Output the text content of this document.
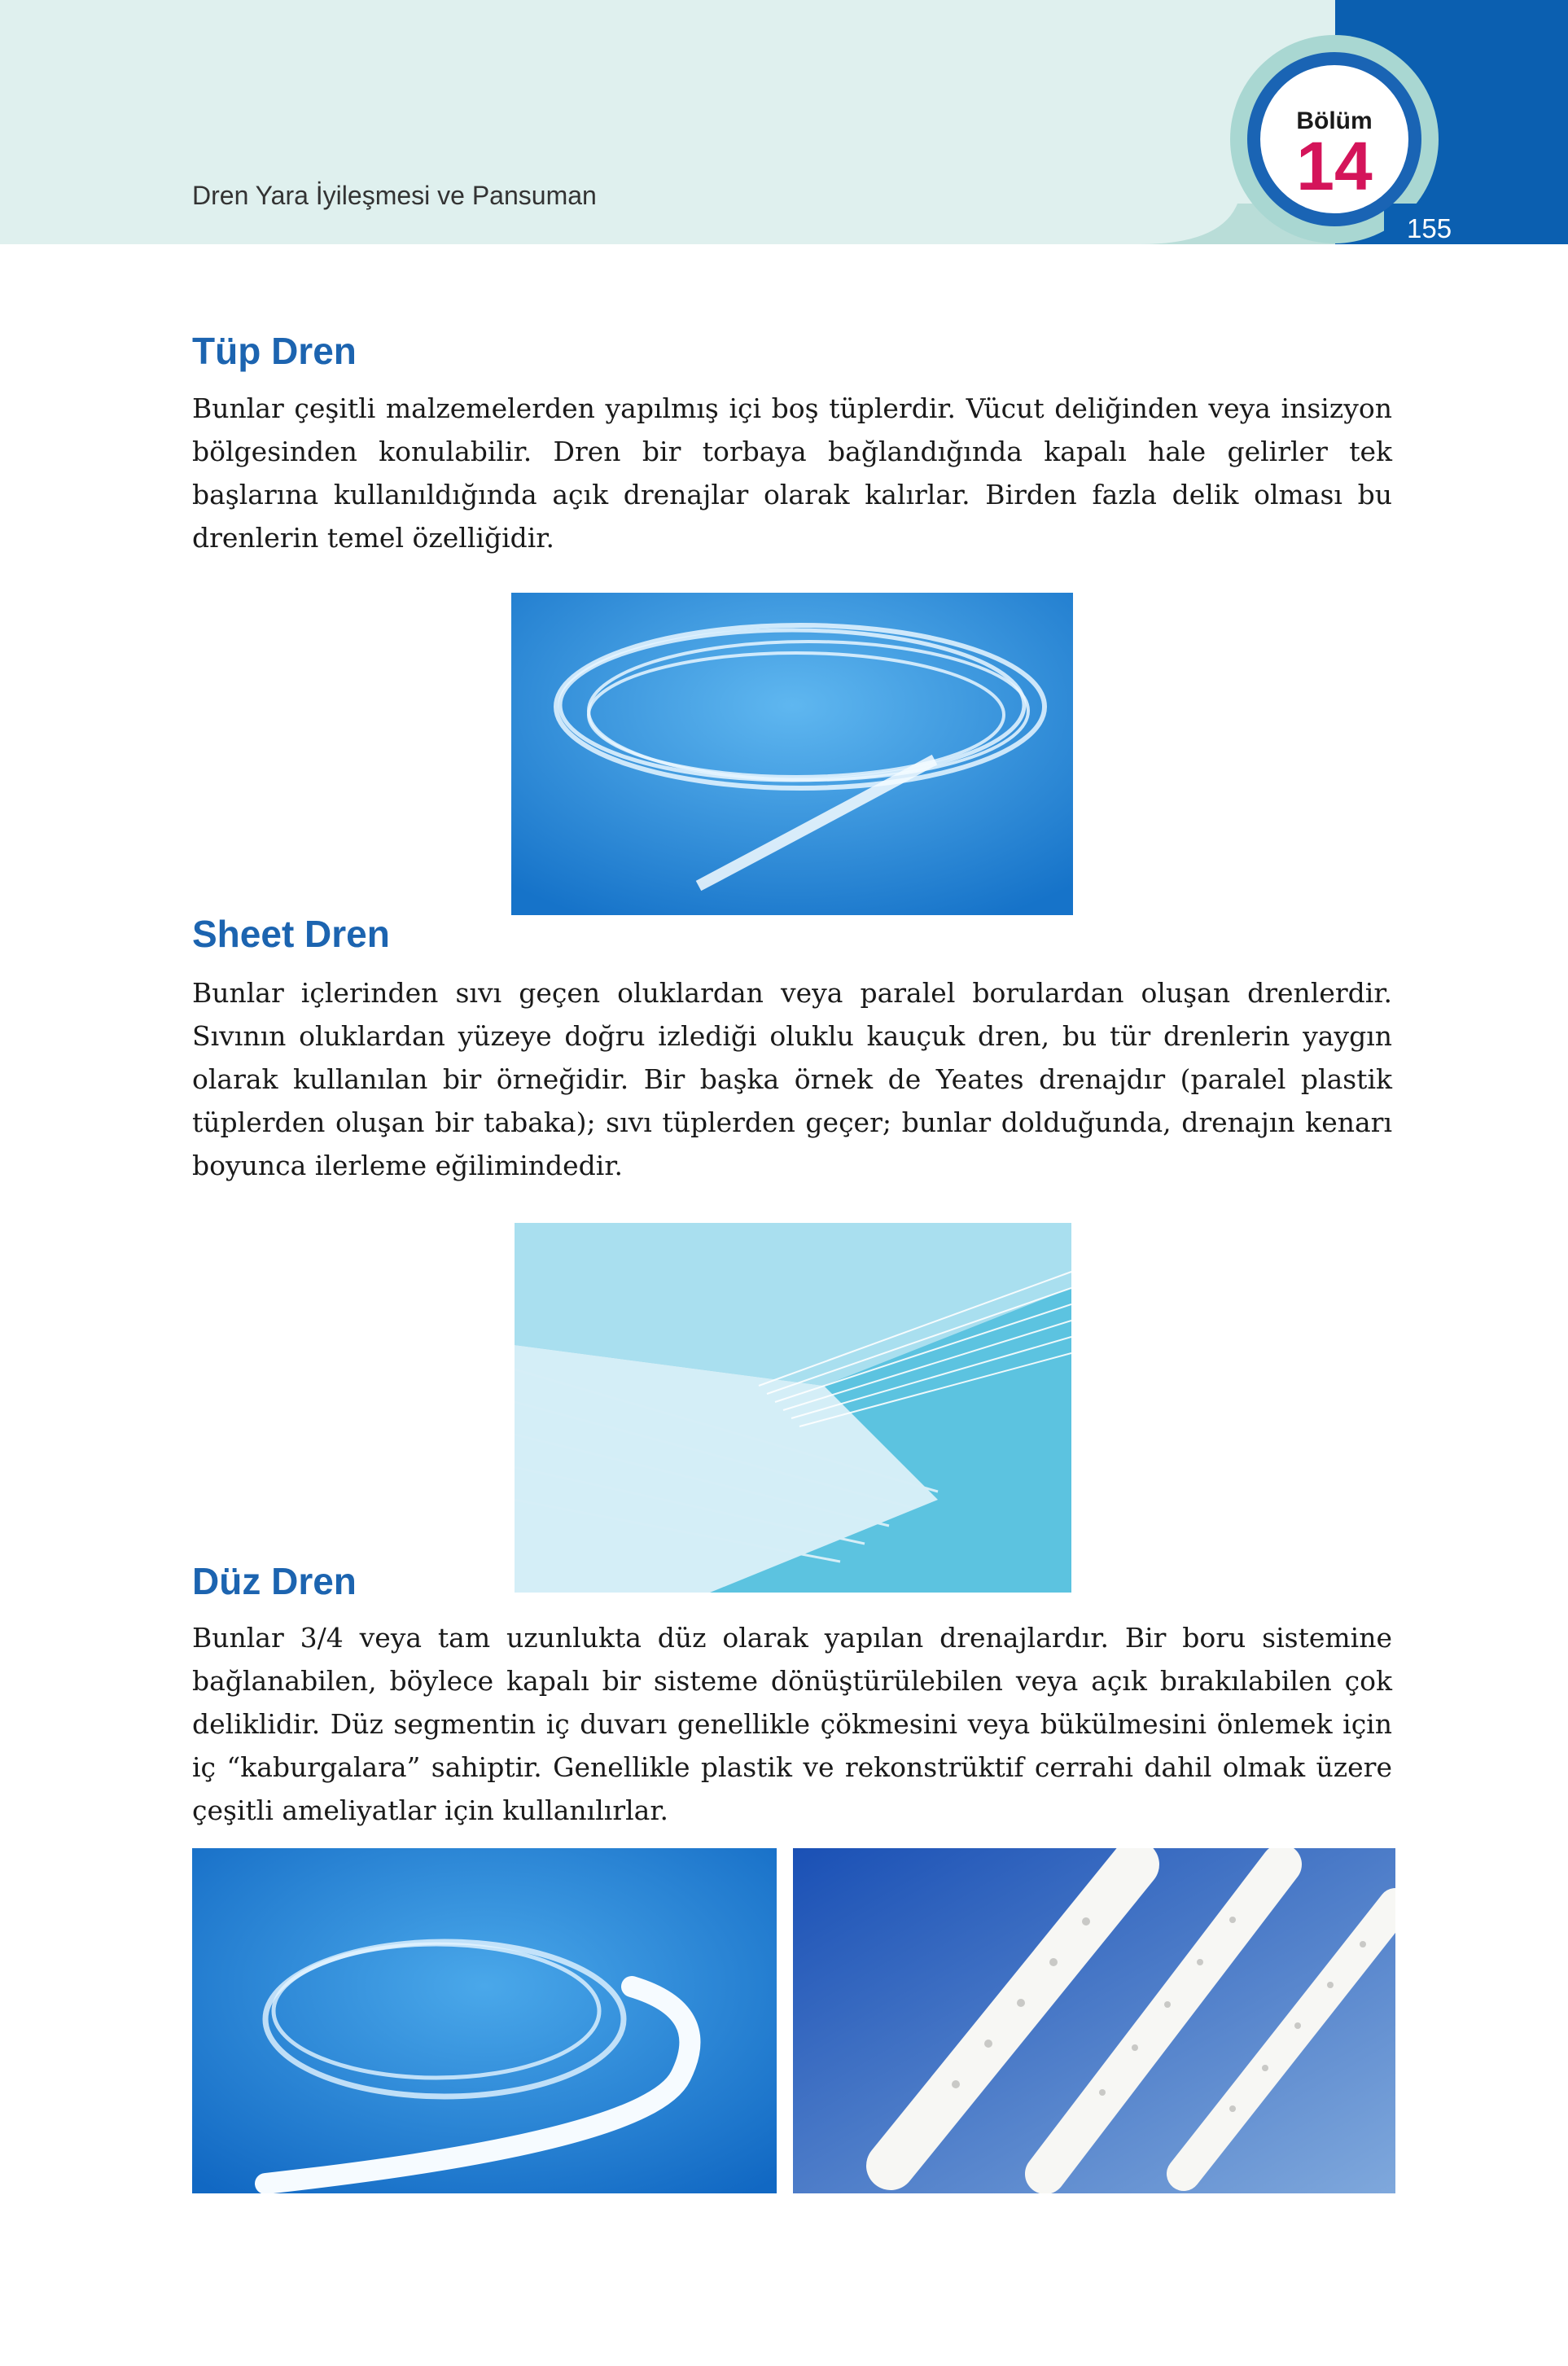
Dren Yara İyileşmesi ve Pansuman
155
Bölüm
14
Tüp Dren

Bunlar çeşitli malzemelerden yapılmış içi boş tüplerdir. Vücut deliğinden veya insizyon bölgesinden konulabilir. Dren bir torbaya bağlandığında kapalı hale gelirler tek başlarına kullanıldığında açık drenajlar olarak kalırlar. Birden fazla delik olması bu drenlerin temel özelliğidir.

Sheet Dren

Bunlar içlerinden sıvı geçen oluklardan veya paralel borulardan oluşan drenlerdir. Sıvının oluklardan yüzeye doğru izlediği oluklu kauçuk dren, bu tür drenlerin yaygın olarak kullanılan bir örneğidir. Bir başka örnek de Yeates drenajdır (paralel plastik tüplerden oluşan bir tabaka); sıvı tüplerden geçer; bunlar dolduğunda, drenajın kenarı boyunca ilerleme eğilimindedir.

Düz Dren

Bunlar 3/4 veya tam uzunlukta düz olarak yapılan drenajlardır. Bir boru sistemine bağlanabilen, böylece kapalı bir sisteme dönüştürülebilen veya açık bırakılabilen çok deliklidir. Düz segmentin iç duvarı genellikle çökmesini veya bükülmesini önlemek için iç “kaburgalara” sahiptir. Genellikle plastik ve rekonstrüktif cerrahi dahil olmak üzere çeşitli ameliyatlar için kullanılırlar.
